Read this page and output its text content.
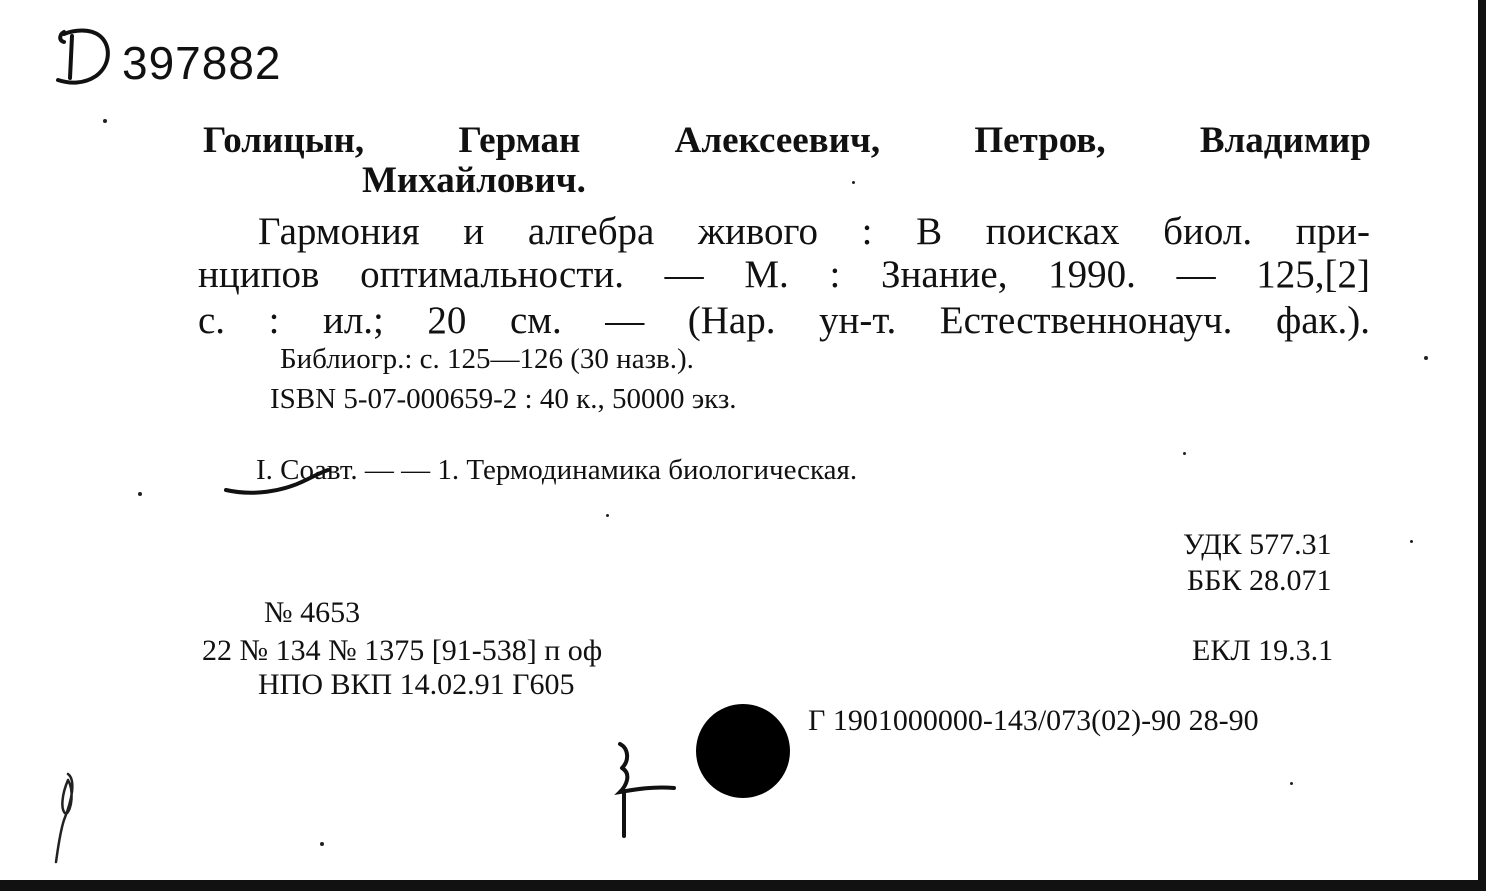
397882
Голицын,	Герман	Алексеевич,	Петров,	Владимир
Михайлович.
Гармония и алгебра живого : В поисках биол. при-
нципов оптимальности. — М. : Знание, 1990. — 125,[2]
с. : ил.; 20 см. — (Нар. ун-т. Естественнонауч. фак.).
Библиогр.: с. 125—126 (30 назв.).
ISBN 5-07-000659-2 : 40 к., 50000 экз.
I. Соавт. — — 1. Термодинамика биологическая.
УДК 577.31
ББК 28.071
№ 4653
22 № 134 № 1375 [91-538] п оф	ЕКЛ 19.3.1
НПО ВКП 14.02.91 Г605
Г 1901000000-143/073(02)-90 28-90
